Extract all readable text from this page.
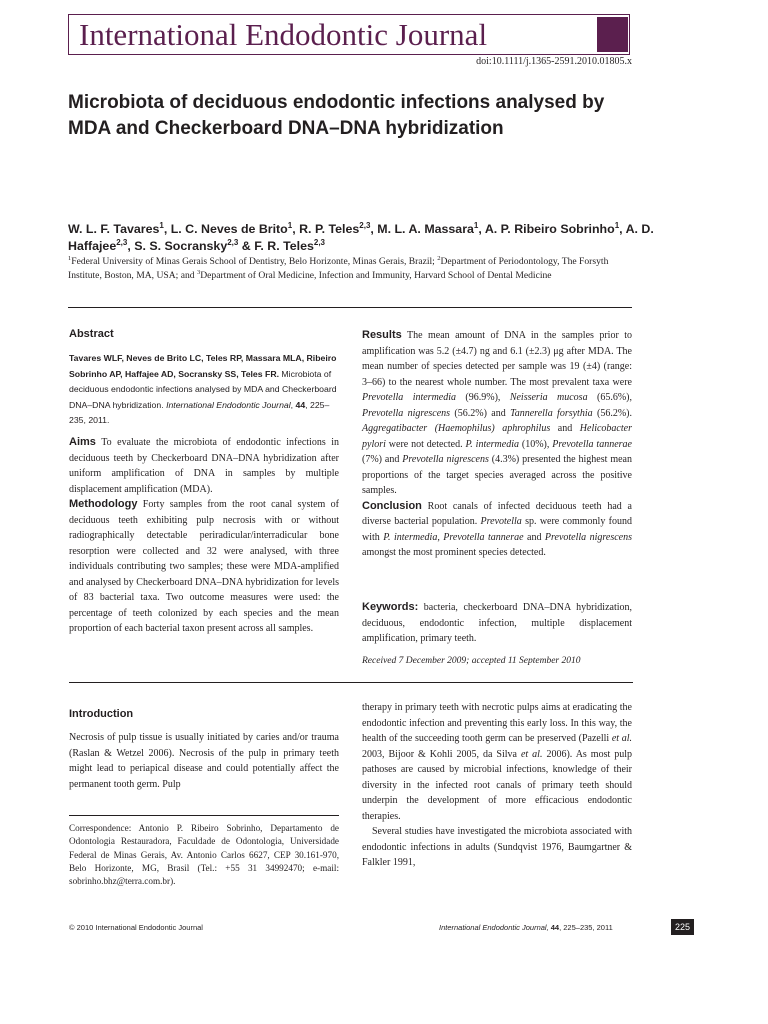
International Endodontic Journal
doi:10.1111/j.1365-2591.2010.01805.x
Microbiota of deciduous endodontic infections analysed by MDA and Checkerboard DNA–DNA hybridization
W. L. F. Tavares$^1$, L. C. Neves de Brito$^1$, R. P. Teles$^{2,3}$, M. L. A. Massara$^1$, A. P. Ribeiro Sobrinho$^1$, A. D. Haffajee$^{2,3}$, S. S. Socransky$^{2,3}$ & F. R. Teles$^{2,3}$
$^1$Federal University of Minas Gerais School of Dentistry, Belo Horizonte, Minas Gerais, Brazil; $^2$Department of Periodontology, The Forsyth Institute, Boston, MA, USA; and $^3$Department of Oral Medicine, Infection and Immunity, Harvard School of Dental Medicine
Abstract
Tavares WLF, Neves de Brito LC, Teles RP, Massara MLA, Ribeiro Sobrinho AP, Haffajee AD, Socransky SS, Teles FR. Microbiota of deciduous endodontic infections analysed by MDA and Checkerboard DNA–DNA hybridization. International Endodontic Journal, 44, 225–235, 2011.
Aims To evaluate the microbiota of endodontic infections in deciduous teeth by Checkerboard DNA–DNA hybridization after uniform amplification of DNA in samples by multiple displacement amplification (MDA).
Methodology Forty samples from the root canal system of deciduous teeth exhibiting pulp necrosis with or without radiographically detectable periradicular/interradicular bone resorption were collected and 32 were analysed, with three individuals contributing two samples; these were MDA-amplified and analysed by Checkerboard DNA–DNA hybridization for levels of 83 bacterial taxa. Two outcome measures were used: the percentage of teeth colonized by each species and the mean proportion of each bacterial taxon present across all samples.
Results The mean amount of DNA in the samples prior to amplification was 5.2 (±4.7) ng and 6.1 (±2.3) μg after MDA. The mean number of species detected per sample was 19 (±4) (range: 3–66) to the nearest whole number. The most prevalent taxa were Prevotella intermedia (96.9%), Neisseria mucosa (65.6%), Prevotella nigrescens (56.2%) and Tannerella forsythia (56.2%). Aggregatibacter (Haemophilus) aphrophilus and Helicobacter pylori were not detected. P. intermedia (10%), Prevotella tannerae (7%) and Prevotella nigrescens (4.3%) presented the highest mean proportions of the target species averaged across the positive samples.
Conclusion Root canals of infected deciduous teeth had a diverse bacterial population. Prevotella sp. were commonly found with P. intermedia, Prevotella tannerae and Prevotella nigrescens amongst the most prominent species detected.
Keywords: bacteria, checkerboard DNA–DNA hybridization, deciduous, endodontic infection, multiple displacement amplification, primary teeth.
Received 7 December 2009; accepted 11 September 2010
Introduction
Necrosis of pulp tissue is usually initiated by caries and/or trauma (Raslan & Wetzel 2006). Necrosis of the pulp in primary teeth might lead to periapical disease and could potentially affect the permanent tooth germ. Pulp
therapy in primary teeth with necrotic pulps aims at eradicating the endodontic infection and preventing this early loss. In this way, the health of the succeeding tooth germ can be preserved (Pazelli et al. 2003, Bijoor & Kohli 2005, da Silva et al. 2006). As most pulp pathoses are caused by microbial infections, knowledge of their diversity in the infected root canals of primary teeth should underpin the development of more efficacious endodontic therapies.
Several studies have investigated the microbiota associated with endodontic infections in adults (Sundqvist 1976, Baumgartner & Falkler 1991,
Correspondence: Antonio P. Ribeiro Sobrinho, Departamento de Odontologia Restauradora, Faculdade de Odontologia, Universidade Federal de Minas Gerais, Av. Antonio Carlos 6627, CEP 30.161-970, Belo Horizonte, MG, Brasil (Tel.: +55 31 34992470; e-mail: sobrinho.bhz@terra.com.br).
© 2010 International Endodontic Journal	International Endodontic Journal, 44, 225–235, 2011	225
